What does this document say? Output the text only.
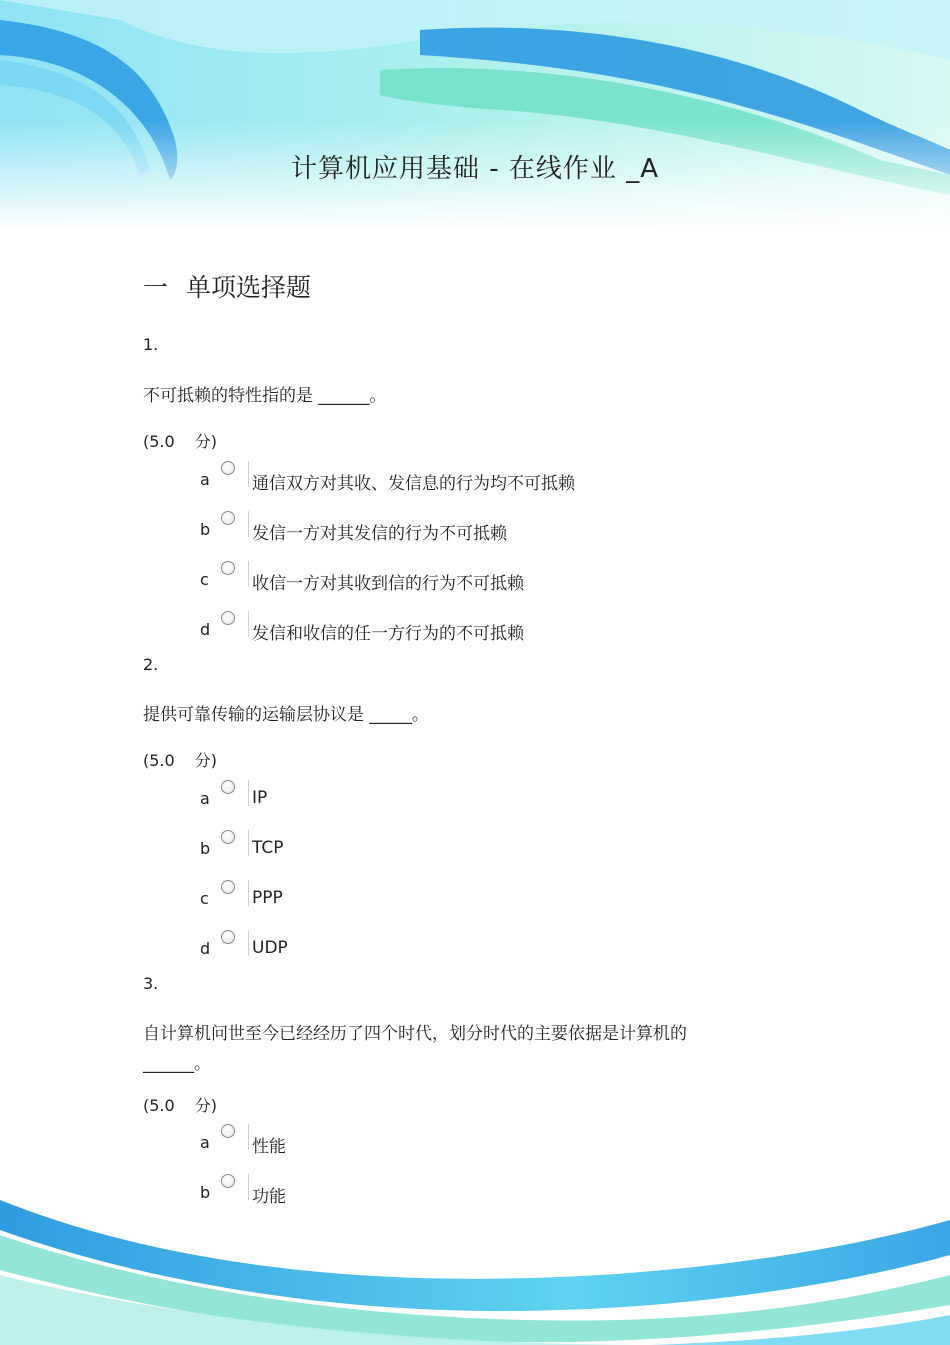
计算机应用基础 - 在线作业 _A
一 单项选择题
1.
不可抵赖的特性指的是 ______。
(5.0 分)
a	通信双方对其收、发信息的行为均不可抵赖
b	发信一方对其发信的行为不可抵赖
c	收信一方对其收到信的行为不可抵赖
d	发信和收信的任一方行为的不可抵赖
2.
提供可靠传输的运输层协议是 _____。
(5.0 分)
a	IP
b	TCP
c	PPP
d	UDP
3.
自计算机问世至今已经经历了四个时代，划分时代的主要依据是计算机的
______。
(5.0 分)
a	性能
b	功能
